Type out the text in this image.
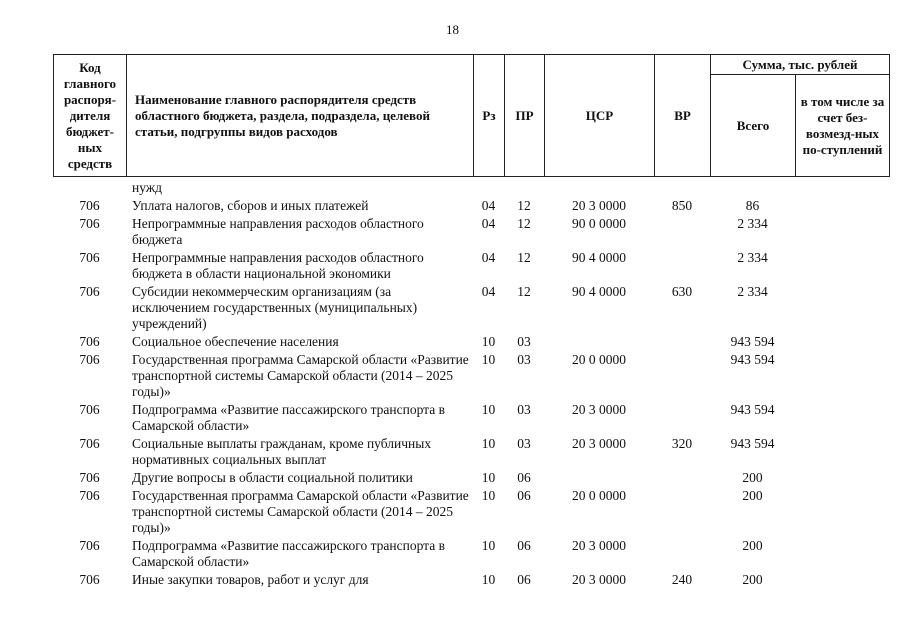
18
Код главного распоря-дителя бюджет-ных средств	Наименование главного распорядителя средств областного бюджета, раздела, подраздела, целевой статьи, подгруппы видов расходов	Рз	ПР	ЦСР	ВР	Сумма, тыс. рублей	
						Всего	в том числе за счет без-возмезд-ных по-ступлений
	нужд						
706	Уплата налогов, сборов и иных платежей	04	12	20 3 0000	850	86	
706	Непрограммные направления расходов областного бюджета	04	12	90 0 0000		2 334	
706	Непрограммные направления расходов областного бюджета в области национальной экономики	04	12	90 4 0000		2 334	
706	Субсидии некоммерческим организациям (за исключением государственных (муниципальных) учреждений)	04	12	90 4 0000	630	2 334	
706	Социальное обеспечение населения	10	03			943 594	
706	Государственная программа Самарской области «Развитие транспортной системы Самарской области (2014 – 2025 годы)»	10	03	20 0 0000		943 594	
706	Подпрограмма «Развитие пассажирского транспорта в Самарской области»	10	03	20 3 0000		943 594	
706	Социальные выплаты гражданам, кроме публичных нормативных социальных выплат	10	03	20 3 0000	320	943 594	
706	Другие вопросы в области социальной политики	10	06			200	
706	Государственная программа Самарской области «Развитие транспортной системы Самарской области (2014 – 2025 годы)»	10	06	20 0 0000		200	
706	Подпрограмма «Развитие пассажирского транспорта в Самарской области»	10	06	20 3 0000		200	
706	Иные закупки товаров, работ и услуг для	10	06	20 3 0000	240	200	
